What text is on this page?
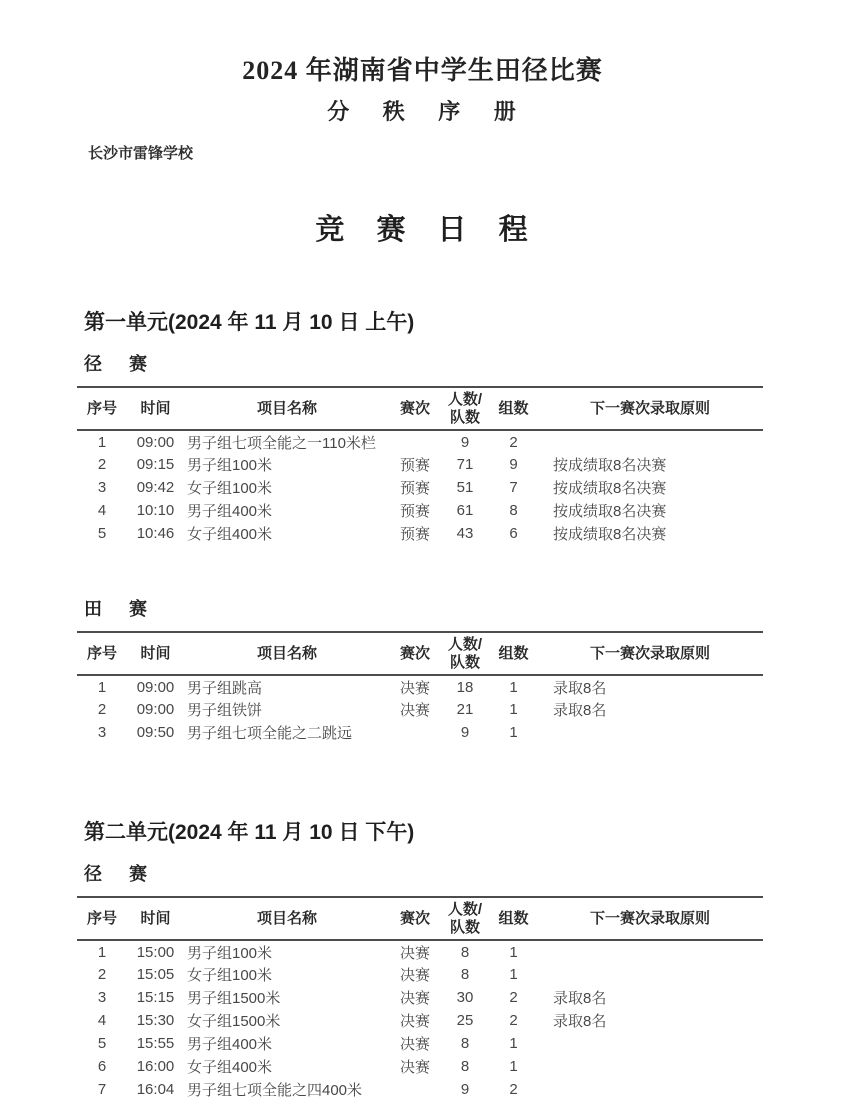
2024 年湖南省中学生田径比赛
分 秩 序 册
长沙市雷锋学校
竞 赛 日 程
第一单元(2024 年 11 月 10 日 上午)
径 赛
序号	时间	项目名称	赛次	人数/
队数	组数	下一赛次录取原则
1	09:00	男子组七项全能之一110米栏		9	2	
2	09:15	男子组100米	预赛	71	9	按成绩取8名决赛
3	09:42	女子组100米	预赛	51	7	按成绩取8名决赛
4	10:10	男子组400米	预赛	61	8	按成绩取8名决赛
5	10:46	女子组400米	预赛	43	6	按成绩取8名决赛
田 赛
序号	时间	项目名称	赛次	人数/
队数	组数	下一赛次录取原则
1	09:00	男子组跳高	决赛	18	1	录取8名
2	09:00	男子组铁饼	决赛	21	1	录取8名
3	09:50	男子组七项全能之二跳远		9	1	
第二单元(2024 年 11 月 10 日 下午)
径 赛
序号	时间	项目名称	赛次	人数/
队数	组数	下一赛次录取原则
1	15:00	男子组100米	决赛	8	1	
2	15:05	女子组100米	决赛	8	1	
3	15:15	男子组1500米	决赛	30	2	录取8名
4	15:30	女子组1500米	决赛	25	2	录取8名
5	15:55	男子组400米	决赛	8	1	
6	16:00	女子组400米	决赛	8	1	
7	16:04	男子组七项全能之四400米		9	2	
